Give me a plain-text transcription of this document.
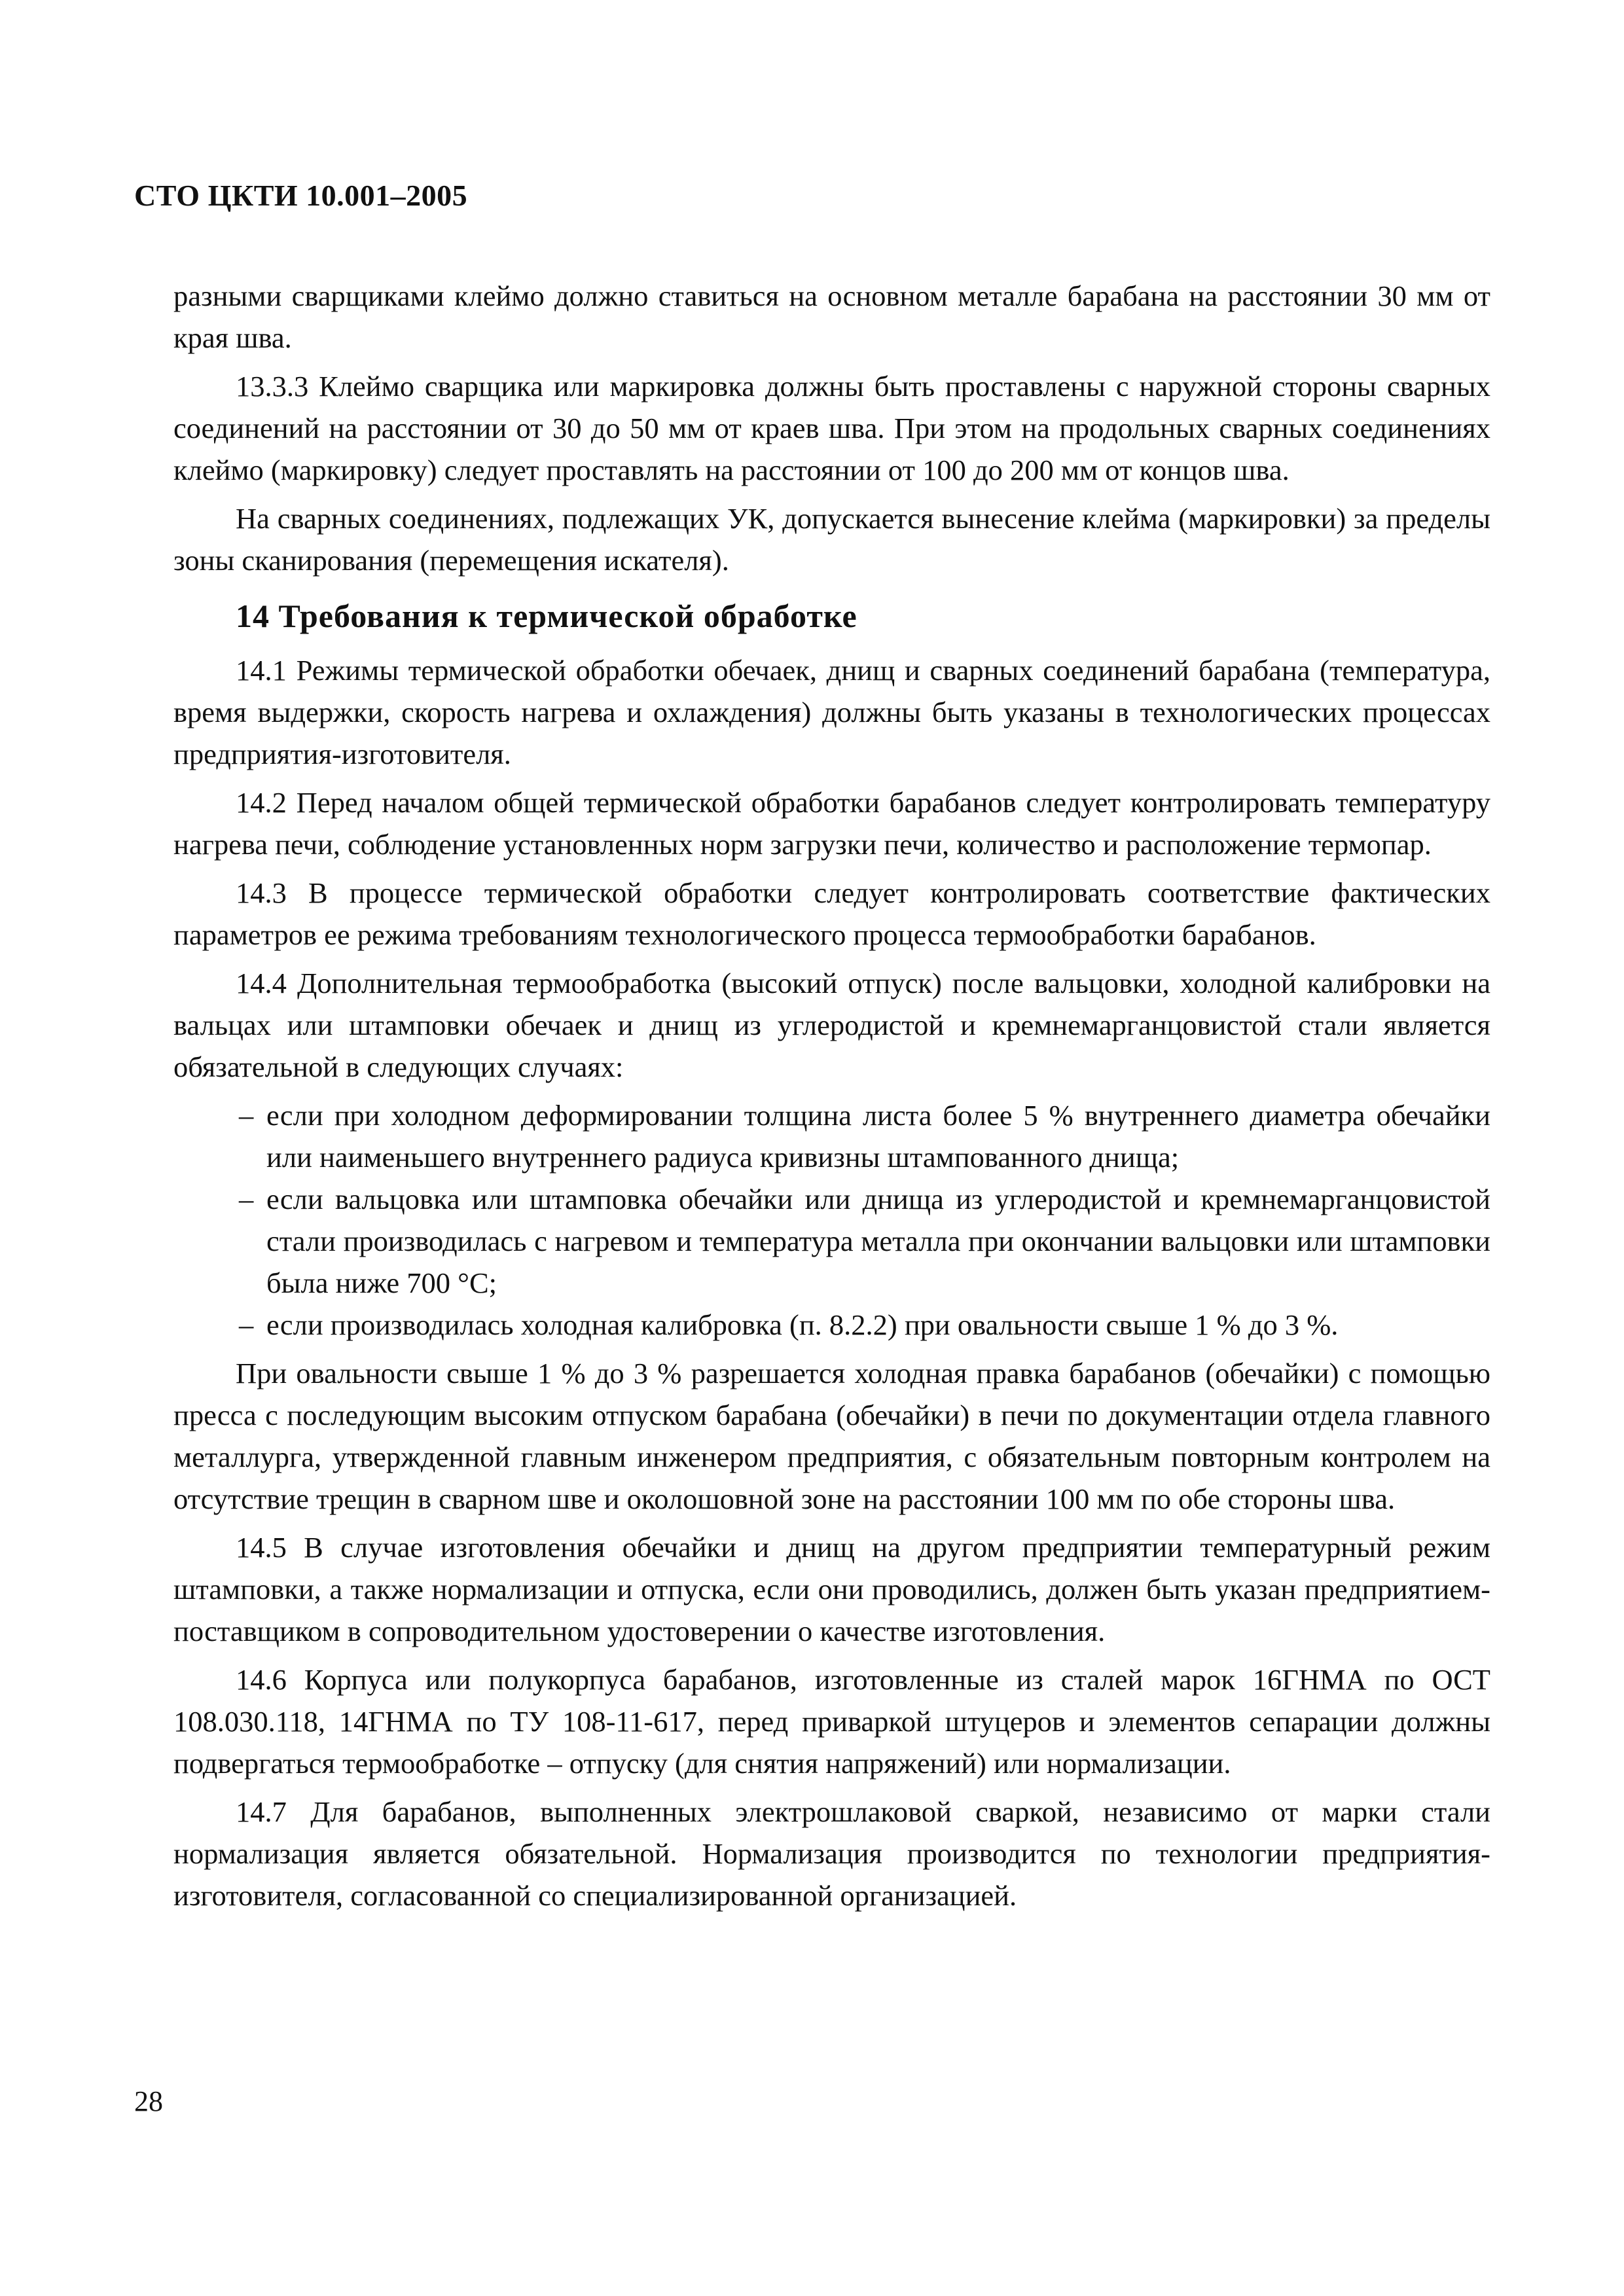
СТО ЦКТИ 10.001–2005

разными сварщиками клеймо должно ставиться на основном металле барабана на расстоянии 30 мм от края шва.

13.3.3 Клеймо сварщика или маркировка должны быть проставлены с наружной стороны сварных соединений на расстоянии от 30 до 50 мм от краев шва. При этом на продольных сварных соединениях клеймо (маркировку) следует проставлять на расстоянии от 100 до 200 мм от концов шва.

На сварных соединениях, подлежащих УК, допускается вынесение клейма (маркировки) за пределы зоны сканирования (перемещения искателя).

14 Требования к термической обработке

14.1 Режимы термической обработки обечаек, днищ и сварных соединений барабана (температура, время выдержки, скорость нагрева и охлаждения) должны быть указаны в технологических процессах предприятия-изготовителя.

14.2 Перед началом общей термической обработки барабанов следует контролировать температуру нагрева печи, соблюдение установленных норм загрузки печи, количество и расположение термопар.

14.3 В процессе термической обработки следует контролировать соответствие фактических параметров ее режима требованиям технологического процесса термообработки барабанов.

14.4 Дополнительная термообработка (высокий отпуск) после вальцовки, холодной калибровки на вальцах или штамповки обечаек и днищ из углеродистой и кремнемарганцовистой стали является обязательной в следующих случаях:

– если при холодном деформировании толщина листа более 5 % внутреннего диаметра обечайки или наименьшего внутреннего радиуса кривизны штампованного днища;
– если вальцовка или штамповка обечайки или днища из углеродистой и кремнемарганцовистой стали производилась с нагревом и температура металла при окончании вальцовки или штамповки была ниже 700 °С;
– если производилась холодная калибровка (п. 8.2.2) при овальности свыше 1 % до 3 %.

При овальности свыше 1 % до 3 % разрешается холодная правка барабанов (обечайки) с помощью пресса с последующим высоким отпуском барабана (обечайки) в печи по документации отдела главного металлурга, утвержденной главным инженером предприятия, с обязательным повторным контролем на отсутствие трещин в сварном шве и околошовной зоне на расстоянии 100 мм по обе стороны шва.

14.5 В случае изготовления обечайки и днищ на другом предприятии температурный режим штамповки, а также нормализации и отпуска, если они проводились, должен быть указан предприятием-поставщиком в сопроводительном удостоверении о качестве изготовления.

14.6 Корпуса или полукорпуса барабанов, изготовленные из сталей марок 16ГНМА по ОСТ 108.030.118, 14ГНМА по ТУ 108-11-617, перед приваркой штуцеров и элементов сепарации должны подвергаться термообработке – отпуску (для снятия напряжений) или нормализации.

14.7 Для барабанов, выполненных электрошлаковой сваркой, независимо от марки стали нормализация является обязательной. Нормализация производится по технологии предприятия-изготовителя, согласованной со специализированной организацией.

28
